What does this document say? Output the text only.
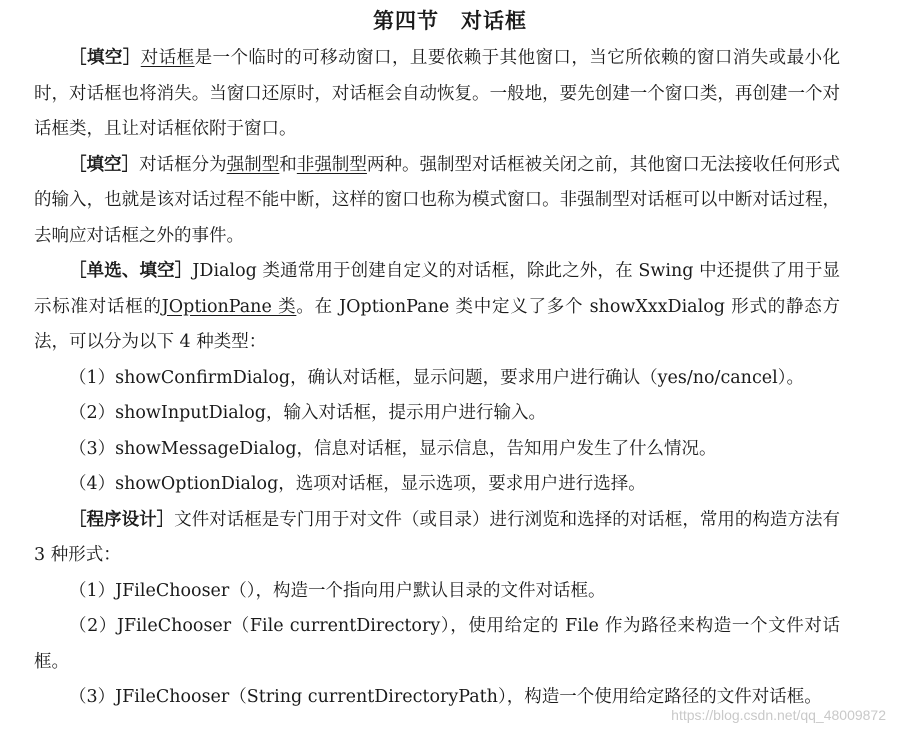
第四节　对话框

［填空］对话框是一个临时的可移动窗口，且要依赖于其他窗口，当它所依赖的窗口消失或最小化时，对话框也将消失。当窗口还原时，对话框会自动恢复。一般地，要先创建一个窗口类，再创建一个对话框类，且让对话框依附于窗口。

［填空］对话框分为强制型和非强制型两种。强制型对话框被关闭之前，其他窗口无法接收任何形式的输入，也就是该对话过程不能中断，这样的窗口也称为模式窗口。非强制型对话框可以中断对话过程，去响应对话框之外的事件。

［单选、填空］JDialog 类通常用于创建自定义的对话框，除此之外，在 Swing 中还提供了用于显示标准对话框的JOptionPane 类。在 JOptionPane 类中定义了多个 showXxxDialog 形式的静态方法，可以分为以下 4 种类型：

（1）showConfirmDialog，确认对话框，显示问题，要求用户进行确认（yes/no/cancel）。

（2）showInputDialog，输入对话框，提示用户进行输入。

（3）showMessageDialog，信息对话框，显示信息，告知用户发生了什么情况。

（4）showOptionDialog，选项对话框，显示选项，要求用户进行选择。

［程序设计］文件对话框是专门用于对文件（或目录）进行浏览和选择的对话框，常用的构造方法有 3 种形式：

（1）JFileChooser（），构造一个指向用户默认目录的文件对话框。

（2）JFileChooser（File currentDirectory），使用给定的 File 作为路径来构造一个文件对话框。

（3）JFileChooser（String currentDirectoryPath），构造一个使用给定路径的文件对话框。

https://blog.csdn.net/qq_48009872
